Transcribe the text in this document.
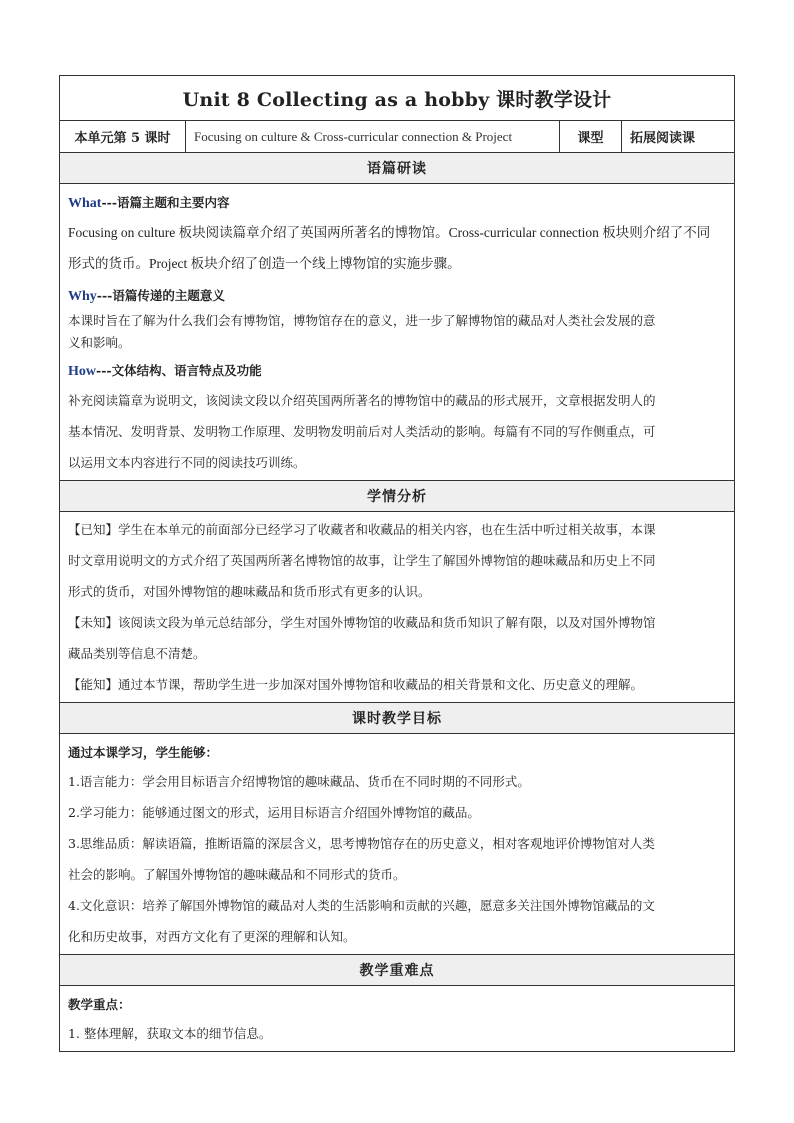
Unit 8 Collecting as a hobby 课时教学设计
本单元第 5 课时	Focusing on culture & Cross-curricular connection & Project	课型	拓展阅读课
语篇研读

What---语篇主题和主要内容

Focusing on culture 板块阅读篇章介绍了英国两所著名的博物馆。Cross-curricular connection 板块则介绍了不同

形式的货币。Project 板块介绍了创造一个线上博物馆的实施步骤。

Why---语篇传递的主题意义

本课时旨在了解为什么我们会有博物馆，博物馆存在的意义，进一步了解博物馆的藏品对人类社会发展的意

义和影响。

How---文体结构、语言特点及功能

补充阅读篇章为说明文，该阅读文段以介绍英国两所著名的博物馆中的藏品的形式展开，文章根据发明人的

基本情况、发明背景、发明物工作原理、发明物发明前后对人类活动的影响。每篇有不同的写作侧重点，可

以运用文本内容进行不同的阅读技巧训练。

学情分析

【已知】学生在本单元的前面部分已经学习了收藏者和收藏品的相关内容，也在生活中听过相关故事，本课

时文章用说明文的方式介绍了英国两所著名博物馆的故事，让学生了解国外博物馆的趣味藏品和历史上不同

形式的货币，对国外博物馆的趣味藏品和货币形式有更多的认识。

【未知】该阅读文段为单元总结部分，学生对国外博物馆的收藏品和货币知识了解有限，以及对国外博物馆

藏品类别等信息不清楚。

【能知】通过本节课，帮助学生进一步加深对国外博物馆和收藏品的相关背景和文化、历史意义的理解。

课时教学目标

通过本课学习，学生能够：

1.语言能力：学会用目标语言介绍博物馆的趣味藏品、货币在不同时期的不同形式。

2.学习能力：能够通过图文的形式，运用目标语言介绍国外博物馆的藏品。

3.思维品质：解读语篇，推断语篇的深层含义，思考博物馆存在的历史意义，相对客观地评价博物馆对人类

社会的影响。了解国外博物馆的趣味藏品和不同形式的货币。

4.文化意识：培养了解国外博物馆的藏品对人类的生活影响和贡献的兴趣，愿意多关注国外博物馆藏品的文

化和历史故事，对西方文化有了更深的理解和认知。

教学重难点

教学重点：

1. 整体理解，获取文本的细节信息。
